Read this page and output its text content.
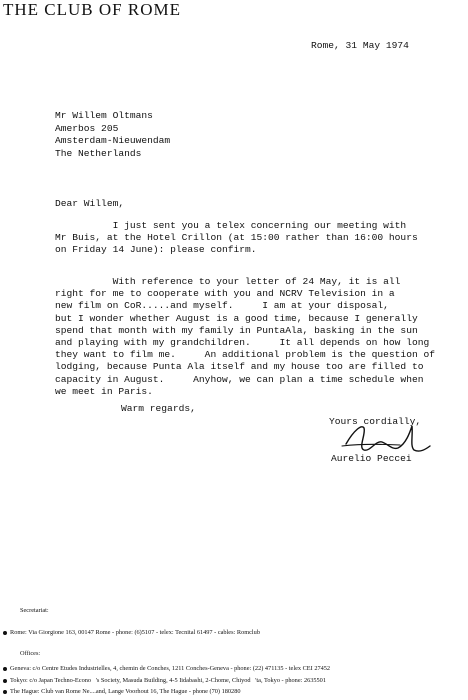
THE CLUB OF ROME
Rome, 31 May 1974
Mr Willem Oltmans
Amerbos 205
Amsterdam-Nieuwendam
The Netherlands
Dear Willem,
I just sent you a telex concerning our meeting with
Mr Buis, at the Hotel Crillon (at 15:00 rather than 16:00 hours
on Friday 14 June): please confirm.
With reference to your letter of 24 May, it is all
right for me to cooperate with you and NCRV Television in a
new film on CoR.....and myself.     I am at your disposal,
but I wonder whether August is a good time, because I generally
spend that month with my family in PuntaAla, basking in the sun
and playing with my grandchildren.     It all depends on how long
they want to film me.     An additional problem is the question of
lodging, because Punta Ala itself and my house too are filled to
capacity in August.     Anyhow, we can plan a time schedule when
we meet in Paris.
Warm regards,
Yours cordially,
Aurelio Peccei
Secretariat:
Rome: Via Giorgione 163, 00147 Rome - phone: (6)5107 - telex: Tecnital 61497 - cables: Romclub
Offices:
Geneva: c/o Centre Etudes Industrielles, 4, chemin de Conches, 1211 Conches-Geneva - phone: (22) 471135 - telex CEI 27452
Tokyo: c/o Japan Techno-Econo   's Society, Masuda Building, 4-5 Iidabashi, 2-Chome, Chiyod   'ta, Tokyo - phone: 2635501
The Hague: Club van Rome Ne....and, Lange Voorhout 16, The Hague - phone (70) 180280
